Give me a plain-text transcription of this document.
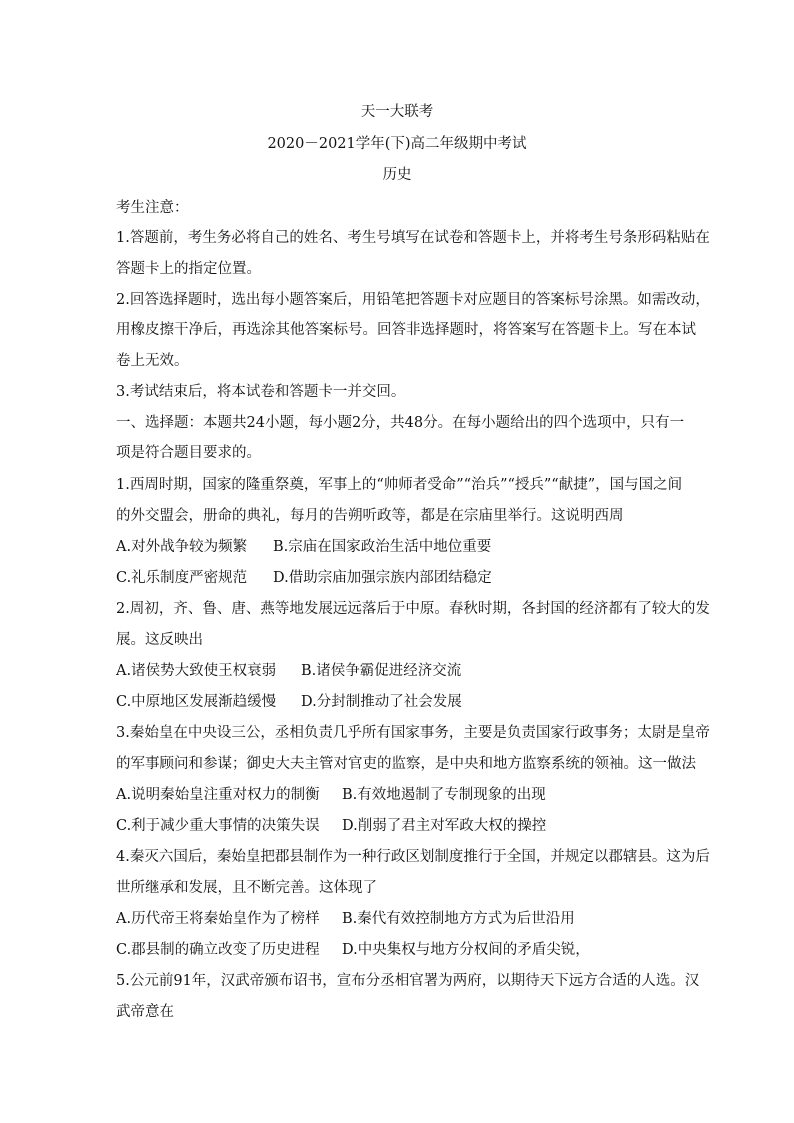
天一大联考
2020－2021学年(下)高二年级期中考试
历史
考生注意：
1.答题前，考生务必将自己的姓名、考生号填写在试卷和答题卡上，并将考生号条形码粘贴在
答题卡上的指定位置。
2.回答选择题时，选出每小题答案后，用铅笔把答题卡对应题目的答案标号涂黑。如需改动，
用橡皮擦干净后，再选涂其他答案标号。回答非选择题时，将答案写在答题卡上。写在本试
卷上无效。
3.考试结束后，将本试卷和答题卡一并交回。
一、选择题：本题共24小题，每小题2分，共48分。在每小题给出的四个选项中，只有一
项是符合题目要求的。
1.西周时期，国家的隆重祭奠，军事上的“帅师者受命”“治兵”“授兵”“献捷”，国与国之间
的外交盟会，册命的典礼，每月的告朔听政等，都是在宗庙里举行。这说明西周
A.对外战争较为频繁 B.宗庙在国家政治生活中地位重要
C.礼乐制度严密规范 D.借助宗庙加强宗族内部团结稳定
2.周初，齐、鲁、唐、燕等地发展远远落后于中原。春秋时期，各封国的经济都有了较大的发
展。这反映出
A.诸侯势大致使王权衰弱 B.诸侯争霸促进经济交流
C.中原地区发展渐趋缓慢 D.分封制推动了社会发展
3.秦始皇在中央设三公，丞相负责几乎所有国家事务，主要是负责国家行政事务；太尉是皇帝
的军事顾问和参谋；御史大夫主管对官吏的监察，是中央和地方监察系统的领袖。这一做法
A.说明秦始皇注重对权力的制衡 B.有效地遏制了专制现象的出现
C.利于减少重大事情的决策失误 D.削弱了君主对军政大权的操控
4.秦灭六国后，秦始皇把郡县制作为一种行政区划制度推行于全国，并规定以郡辖县。这为后
世所继承和发展，且不断完善。这体现了
A.历代帝王将秦始皇作为了榜样 B.秦代有效控制地方方式为后世沿用
C.郡县制的确立改变了历史进程 D.中央集权与地方分权间的矛盾尖锐，
5.公元前91年，汉武帝颁布诏书，宣布分丞相官署为两府，以期待天下远方合适的人选。汉
武帝意在
